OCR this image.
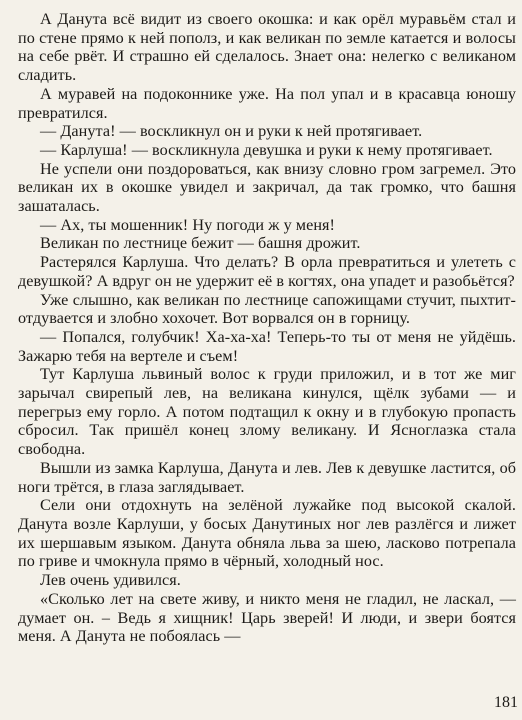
А Данута всё видит из своего окошка: и как орёл муравьём стал и по стене прямо к ней пополз, и как великан по земле катается и волосы на себе рвёт. И страшно ей сделалось. Знает она: нелегко с великаном сладить.

А муравей на подоконнике уже. На пол упал и в красавца юношу превратился.

— Данута! — воскликнул он и руки к ней протягивает.

— Карлуша! — воскликнула девушка и руки к нему протягивает.

Не успели они поздороваться, как внизу словно гром загремел. Это великан их в окошке увидел и закричал, да так громко, что башня зашаталась.

— Ах, ты мошенник! Ну погоди ж у меня!

Великан по лестнице бежит — башня дрожит.

Растерялся Карлуша. Что делать? В орла превратиться и улететь с девушкой? А вдруг он не удержит её в когтях, она упадет и разобьётся?

Уже слышно, как великан по лестнице сапожищами стучит, пыхтит-отдувается и злобно хохочет. Вот ворвался он в горницу.

— Попался, голубчик! Ха-ха-ха! Теперь-то ты от меня не уйдёшь. Зажарю тебя на вертеле и съем!

Тут Карлуша львиный волос к груди приложил, и в тот же миг зарычал свирепый лев, на великана кинулся, щёлк зубами — и перегрыз ему горло. А потом подтащил к окну и в глубокую пропасть сбросил. Так пришёл конец злому великану. И Ясноглазка стала свободна.

Вышли из замка Карлуша, Данута и лев. Лев к девушке ластится, об ноги трётся, в глаза заглядывает.

Сели они отдохнуть на зелёной лужайке под высокой скалой. Данута возле Карлуши, у босых Данутиных ног лев разлёгся и лижет их шершавым языком. Данута обняла льва за шею, ласково потрепала по гриве и чмокнула прямо в чёрный, холодный нос.

Лев очень удивился.

«Сколько лет на свете живу, и никто меня не гладил, не ласкал, — думает он. – Ведь я хищник! Царь зверей! И люди, и звери боятся меня. А Данута не побоялась —

181
